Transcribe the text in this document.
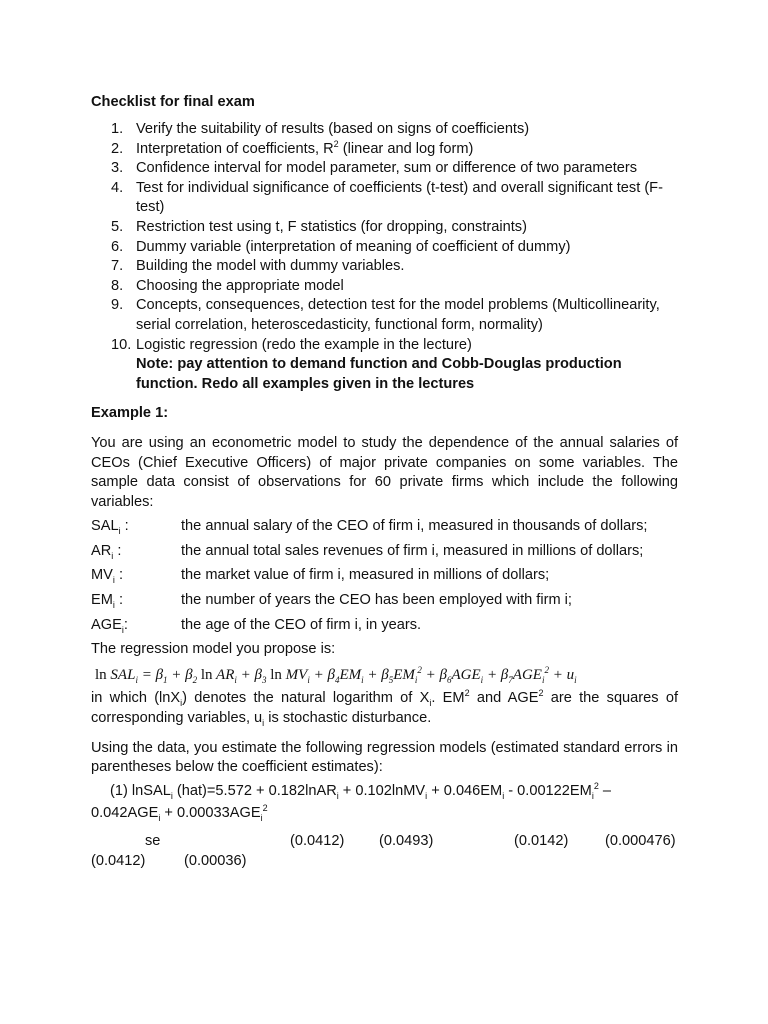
Checklist for final exam
1. Verify the suitability of results (based on signs of coefficients)
2. Interpretation of coefficients, $R^2$ (linear and log form)
3. Confidence interval for model parameter, sum or difference of two parameters
4. Test for individual significance of coefficients (t-test) and overall significant test (F-test)
5. Restriction test using t, F statistics (for dropping, constraints)
6. Dummy variable (interpretation of meaning of coefficient of dummy)
7. Building the model with dummy variables.
8. Choosing the appropriate model
9. Concepts, consequences, detection test for the model problems (Multicollinearity, serial correlation, heteroscedasticity, functional form, normality)
10. Logistic regression (redo the example in the lecture)
Note: pay attention to demand function and Cobb-Douglas production function. Redo all examples given in the lectures
Example 1:

You are using an econometric model to study the dependence of the annual salaries of CEOs (Chief Executive Officers) of major private companies on some variables. The sample data consist of observations for 60 private firms which include the following variables:

$SAL_i$ :	the annual salary of the CEO of firm i, measured in thousands of dollars;
$AR_i$ :	the annual total sales revenues of firm i, measured in millions of dollars;
$MV_i$ :	the market value of firm i, measured in millions of dollars;
$EM_i$ :	the number of years the CEO has been employed with firm i;
$AGE_i$:	the age of the CEO of firm i, in years.

The regression model you propose is:

$\ln SAL_i = \beta_1 + \beta_2$ $\ln AR_i + \beta_3$ $\ln MV_i + \beta_4EM_i + \beta_5EM_i^2 + \beta_6AGE_i + \beta_7AGE_i^2 + u_i$

in which (lnX$_i$) denotes the natural logarithm of $X_i$. $EM^2$ and AGE$^2$ are the squares of corresponding variables, $u_i$ is stochastic disturbance.

Using the data, you estimate the following regression models (estimated standard errors in parentheses below the coefficient estimates):

(1) lnSAL$_i$ (hat)=5.572 + 0.182lnAR$_i$ + 0.102lnMV$_i$ + $0.046EM_i - 0.00122EM_i^2$ –
$0.042AGE_i + 0.00033AGE_i^2$
se	(0.0412) (0.0493)	(0.0142)	(0.000476)
(0.0412)	(0.00036)
